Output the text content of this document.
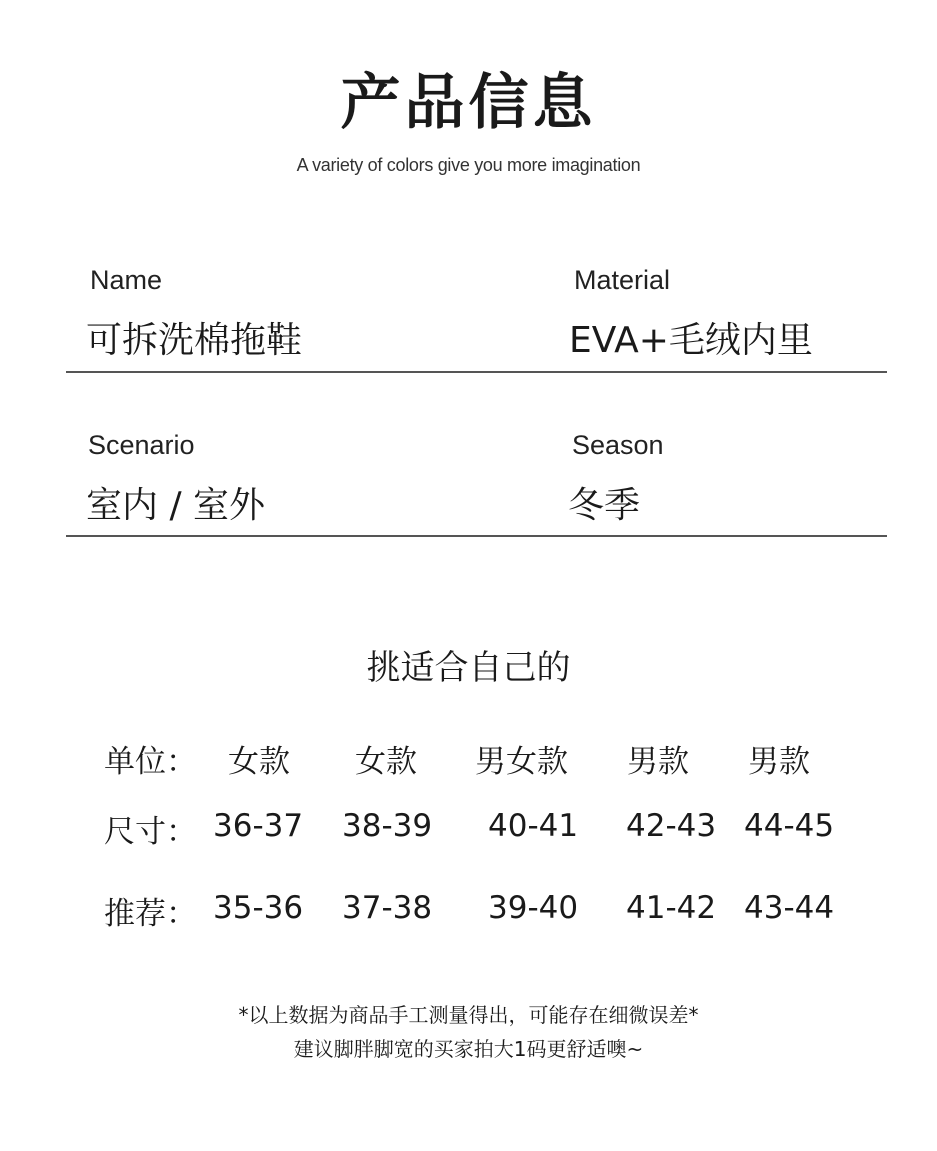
产品信息
A variety of colors give you more imagination
Name
可拆洗棉拖鞋
Material
EVA+毛绒内里
Scenario
室内 / 室外
Season
冬季
挑适合自己的
单位：
尺寸：
推荐：
女款 女款 男女款 男款 男款
36-37 38-39 40-41 42-43 44-45
35-36 37-38 39-40 41-42 43-44
*以上数据为商品手工测量得出，可能存在细微误差*
建议脚胖脚宽的买家拍大1码更舒适噢~
